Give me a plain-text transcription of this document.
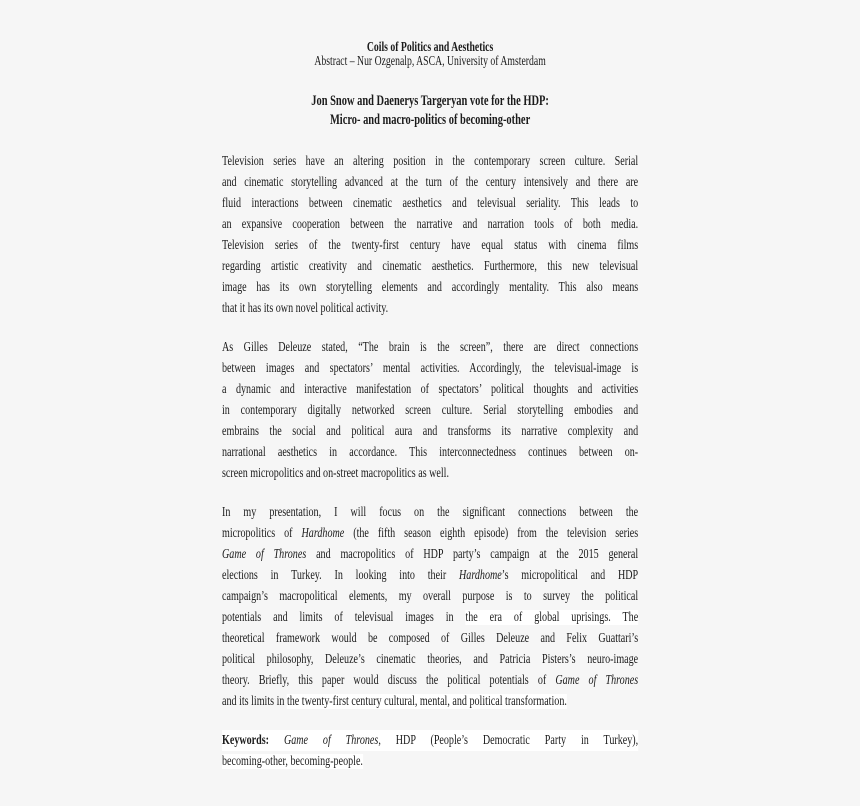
Coils of Politics and Aesthetics
Abstract – Nur Ozgenalp, ASCA, University of Amsterdam
Jon Snow and Daenerys Targeryan vote for the HDP:
Micro- and macro-politics of becoming-other
Television series have an altering position in the contemporary screen culture. Serial
and cinematic storytelling advanced at the turn of the century intensively and there are
fluid interactions between cinematic aesthetics and televisual seriality. This leads to
an expansive cooperation between the narrative and narration tools of both media.
Television series of the twenty-first century have equal status with cinema films
regarding artistic creativity and cinematic aesthetics. Furthermore, this new televisual
image has its own storytelling elements and accordingly mentality. This also means
that it has its own novel political activity.
As Gilles Deleuze stated, “The brain is the screen”, there are direct connections
between images and spectators’ mental activities. Accordingly, the televisual-image is
a dynamic and interactive manifestation of spectators’ political thoughts and activities
in contemporary digitally networked screen culture. Serial storytelling embodies and
embrains the social and political aura and transforms its narrative complexity and
narrational aesthetics in accordance. This interconnectedness continues between on-
screen micropolitics and on-street macropolitics as well.
In my presentation, I will focus on the significant connections between the
micropolitics of Hardhome (the fifth season eighth episode) from the television series
Game of Thrones and macropolitics of HDP party’s campaign at the 2015 general
elections in Turkey. In looking into their Hardhome’s micropolitical and HDP
campaign’s macropolitical elements, my overall purpose is to survey the political
potentials and limits of televisual images in the era of global uprisings. The
theoretical framework would be composed of Gilles Deleuze and Felix Guattari’s
political philosophy, Deleuze’s cinematic theories, and Patricia Pisters’s neuro-image
theory. Briefly, this paper would discuss the political potentials of Game of Thrones
and its limits in the twenty-first century cultural, mental, and political transformation.
Keywords: Game of Thrones, HDP (People’s Democratic Party in Turkey),
becoming-other, becoming-people.
